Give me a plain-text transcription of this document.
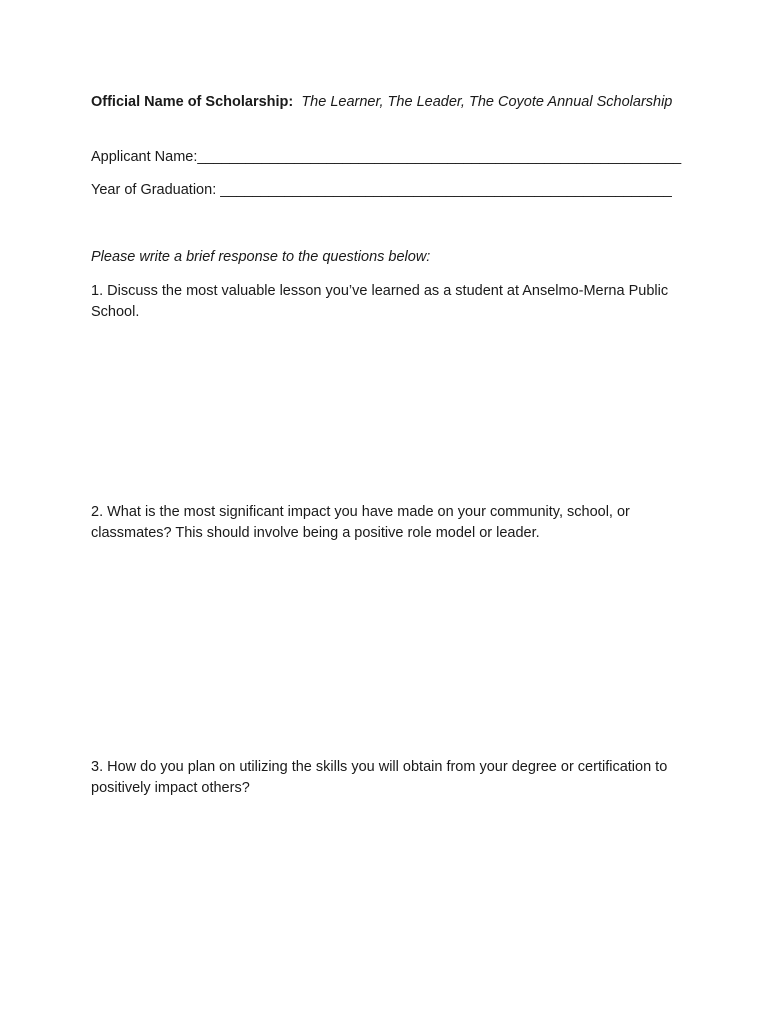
Official Name of Scholarship: The Learner, The Leader, The Coyote Annual Scholarship
Applicant Name:____________________________________________________________
Year of Graduation: ________________________________________________________
Please write a brief response to the questions below:
1. Discuss the most valuable lesson you’ve learned as a student at Anselmo-Merna Public School.
2. What is the most significant impact you have made on your community, school, or classmates? This should involve being a positive role model or leader.
3. How do you plan on utilizing the skills you will obtain from your degree or certification to positively impact others?
